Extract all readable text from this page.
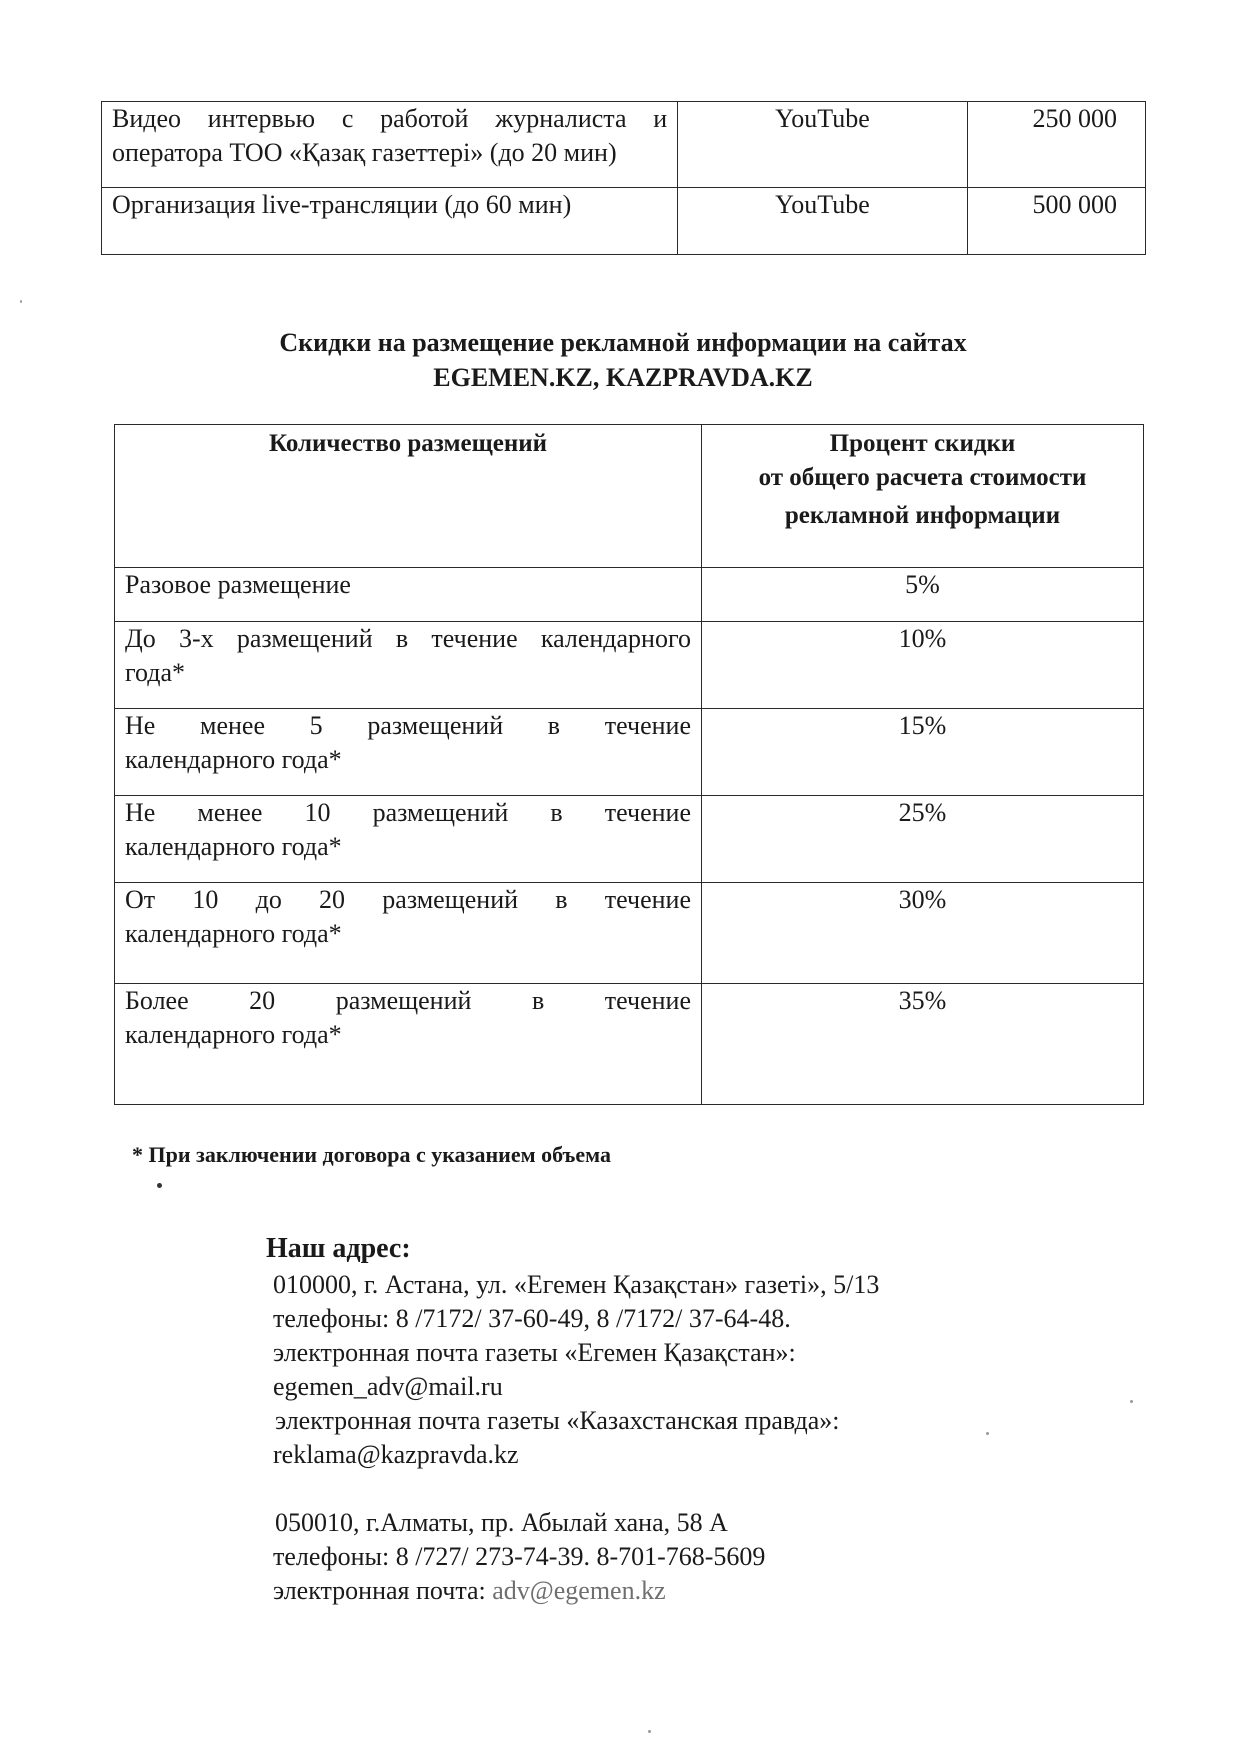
Видео интервью с работой журналиста и оператора ТОО «Қазақ газеттері» (до 20 мин)	YouTube	250 000
Организация live-трансляции (до 60 мин)	YouTube	500 000
Скидки на размещение рекламной информации на сайтах
EGEMEN.KZ, KAZPRAVDA.KZ
Количество размещений	Процент скидки
от общего расчета стоимости
рекламной информации

Разовое размещение	5%

До 3-х размещений в течение календарного
года*	10%

Не менее 5 размещений в течение
календарного года*	15%

Не менее 10 размещений в течение
календарного года*	25%

От 10 до 20 размещений в течение
календарного года*	30%

Более 20 размещений в течение
календарного года*	35%
* При заключении договора с указанием объема
Наш адрес:
010000, г. Астана, ул. «Егемен Қазақстан» газеті», 5/13
телефоны: 8 /7172/ 37-60-49, 8 /7172/ 37-64-48.
электронная почта газеты «Егемен Қазақстан»:
egemen_adv@mail.ru
электронная почта газеты «Казахстанская правда»:
reklama@kazpravda.kz
050010, г.Алматы, пр. Абылай хана, 58 А
телефоны: 8 /727/ 273-74-39. 8-701-768-5609
электронная почта: adv@egemen.kz
